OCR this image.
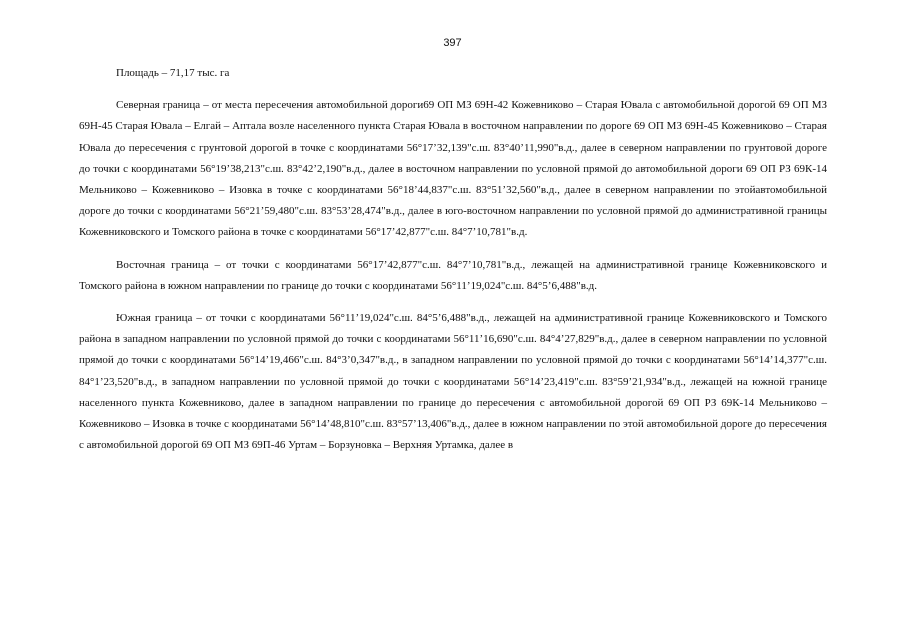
397

Площадь – 71,17 тыс. га

Северная граница – от места пересечения автомобильной дороги69 ОП МЗ 69Н-42 Кожевниково – Старая Ювала с автомобильной дорогой 69 ОП МЗ 69Н-45 Старая Ювала – Елгай – Аптала возле населенного пункта Старая Ювала в восточном направлении по дороге 69 ОП МЗ 69Н-45 Кожевниково – Старая Ювала до пересечения с грунтовой дорогой в точке с координатами 56°17’32,139"с.ш. 83°40’11,990"в.д., далее в северном направлении по грунтовой дороге до точки с координатами 56°19’38,213"с.ш. 83°42’2,190"в.д., далее в восточном направлении по условной прямой до автомобильной дороги 69 ОП РЗ 69К-14 Мельниково – Кожевниково – Изовка в точке с координатами 56°18’44,837"с.ш. 83°51’32,560"в.д., далее в северном направлении по этойавтомобильной дороге до точки с координатами 56°21’59,480"с.ш. 83°53’28,474"в.д., далее в юго-восточном направлении по условной прямой до административной границы Кожевниковского и Томского района в точке с координатами 56°17’42,877"с.ш. 84°7’10,781"в.д.

Восточная граница – от точки с координатами 56°17’42,877"с.ш. 84°7’10,781"в.д., лежащей на административной границе Кожевниковского и Томского района в южном направлении по границе до точки с координатами 56°11’19,024"с.ш. 84°5’6,488"в.д.

Южная граница – от точки с координатами 56°11’19,024"с.ш. 84°5’6,488"в.д., лежащей на административной границе Кожевниковского и Томского района в западном направлении по условной прямой до точки с координатами 56°11’16,690"с.ш. 84°4’27,829"в.д., далее в северном направлении по условной прямой до точки с координатами 56°14’19,466"с.ш. 84°3’0,347"в.д., в западном направлении по условной прямой до точки с координатами 56°14’14,377"с.ш. 84°1’23,520"в.д., в западном направлении по условной прямой до точки с координатами 56°14’23,419"с.ш. 83°59’21,934"в.д., лежащей на южной границе населенного пункта Кожевниково, далее в западном направлении по границе до пересечения с автомобильной дорогой 69 ОП РЗ 69К-14 Мельниково – Кожевниково – Изовка в точке с координатами 56°14’48,810"с.ш. 83°57’13,406"в.д., далее в южном направлении по этой автомобильной дороге до пересечения с автомобильной дорогой 69 ОП МЗ 69П-46 Уртам – Борзуновка – Верхняя Уртамка, далее в
